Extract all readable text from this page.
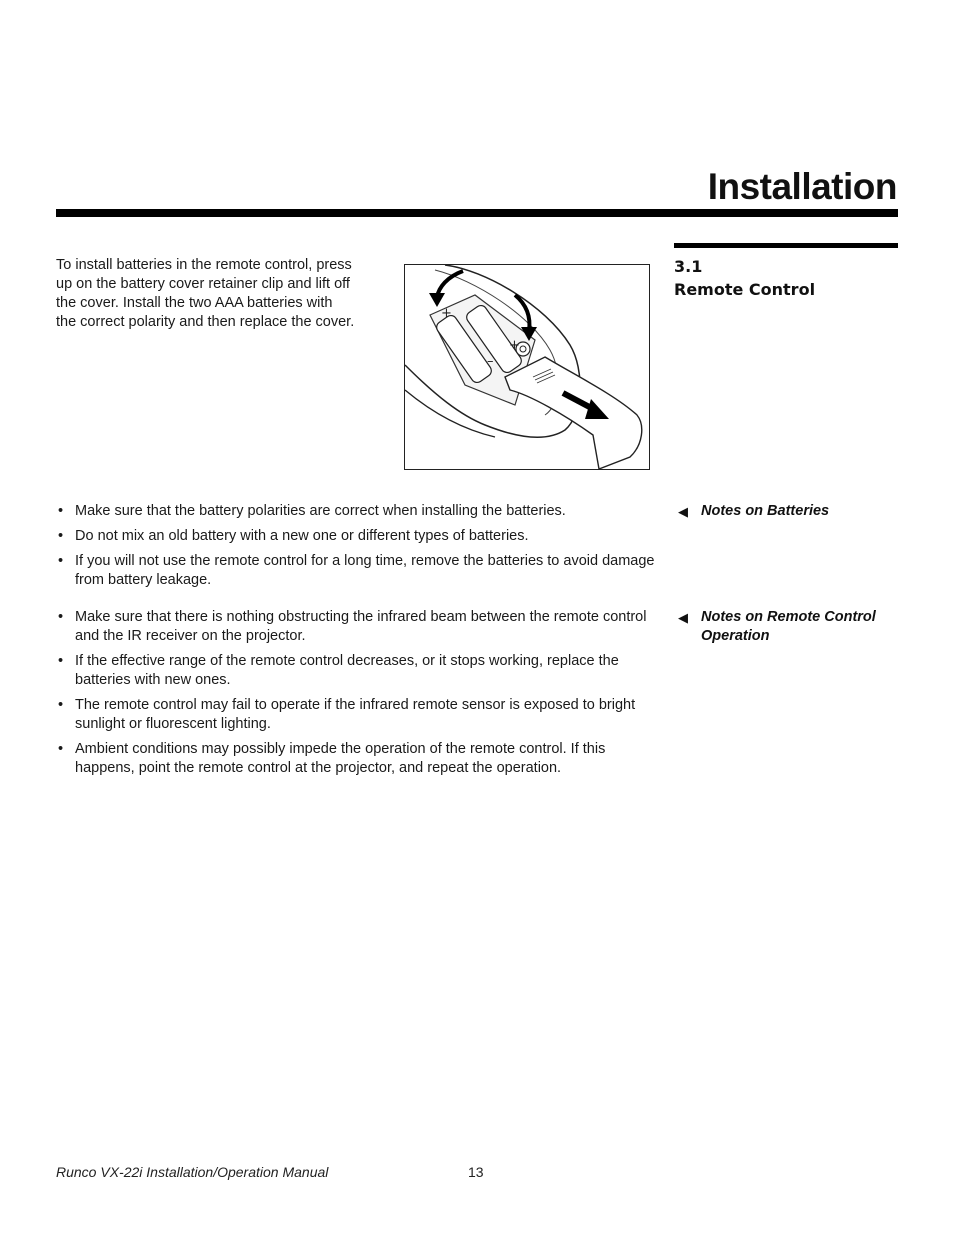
Installation
3.1
Remote Control

To install batteries in the remote control, press up on the battery cover retainer clip and lift off the cover. Install the two AAA batteries with the correct polarity and then replace the cover.

+
+
–
◀ Notes on Batteries
• Make sure that the battery polarities are correct when installing the batteries.
• Do not mix an old battery with a new one or different types of batteries.
• If you will not use the remote control for a long time, remove the batteries to avoid damage from battery leakage.
◀ Notes on Remote Control Operation
• Make sure that there is nothing obstructing the infrared beam between the remote control and the IR receiver on the projector.
• If the effective range of the remote control decreases, or it stops working, replace the batteries with new ones.
• The remote control may fail to operate if the infrared remote sensor is exposed to bright sunlight or fluorescent lighting.
• Ambient conditions may possibly impede the operation of the remote control. If this happens, point the remote control at the projector, and repeat the operation.
Runco VX-22i Installation/Operation Manual	13
